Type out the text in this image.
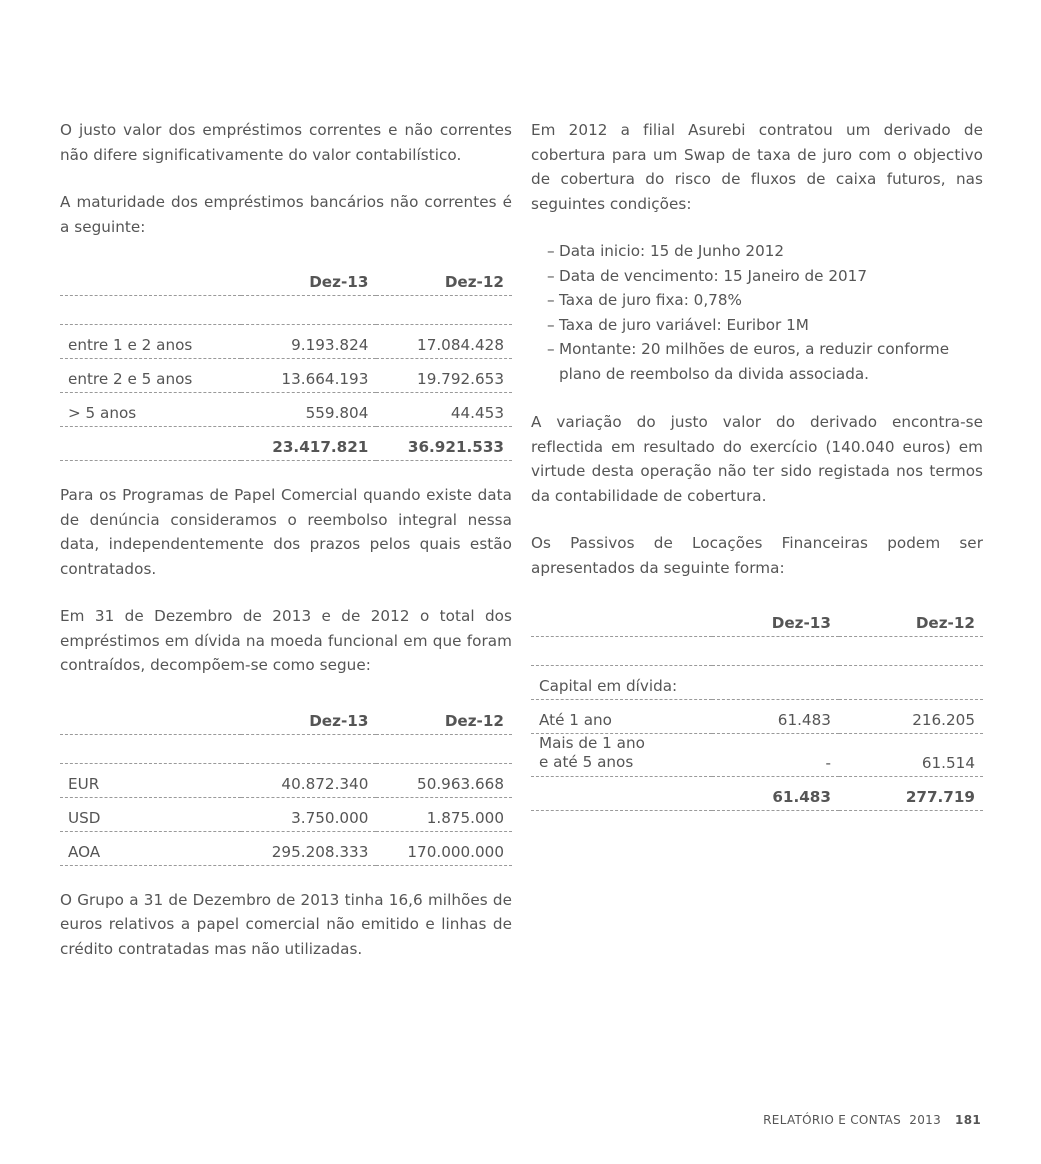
O justo valor dos empréstimos correntes e não correntes não difere significativamente do valor contabilístico.

A maturidade dos empréstimos bancários não correntes é a seguinte:

	Dez-13	Dez-12

entre 1 e 2 anos	9.193.824	17.084.428
entre 2 e 5 anos	13.664.193	19.792.653
> 5 anos	559.804	44.453
	23.417.821	36.921.533

Para os Programas de Papel Comercial quando existe data de denúncia consideramos o reembolso integral nessa data, independentemente dos prazos pelos quais estão contratados.

Em 31 de Dezembro de 2013 e de 2012 o total dos empréstimos em dívida na moeda funcional em que foram contraídos, decompõem-se como segue:

	Dez-13	Dez-12

EUR	40.872.340	50.963.668
USD	3.750.000	1.875.000
AOA	295.208.333	170.000.000

O Grupo a 31 de Dezembro de 2013 tinha 16,6 milhões de euros relativos a papel comercial não emitido e linhas de crédito contratadas mas não utilizadas.

Em 2012 a filial Asurebi contratou um derivado de cobertura para um Swap de taxa de juro com o objectivo de cobertura do risco de fluxos de caixa futuros, nas seguintes condições:

– Data inicio: 15 de Junho 2012
– Data de vencimento: 15 Janeiro de 2017
– Taxa de juro fixa: 0,78%
– Taxa de juro variável: Euribor 1M
– Montante: 20 milhões de euros, a reduzir conforme plano de reembolso da divida associada.

A variação do justo valor do derivado encontra-se reflectida em resultado do exercício (140.040 euros) em virtude desta operação não ter sido registada nos termos da contabilidade de cobertura.

Os Passivos de Locações Financeiras podem ser apresentados da seguinte forma:

	Dez-13	Dez-12

Capital em dívida:		
Até 1 ano	61.483	216.205
Mais de 1 ano
e até 5 anos	-	61.514
	61.483	277.719
RELATÓRIO E CONTAS  2013 181
